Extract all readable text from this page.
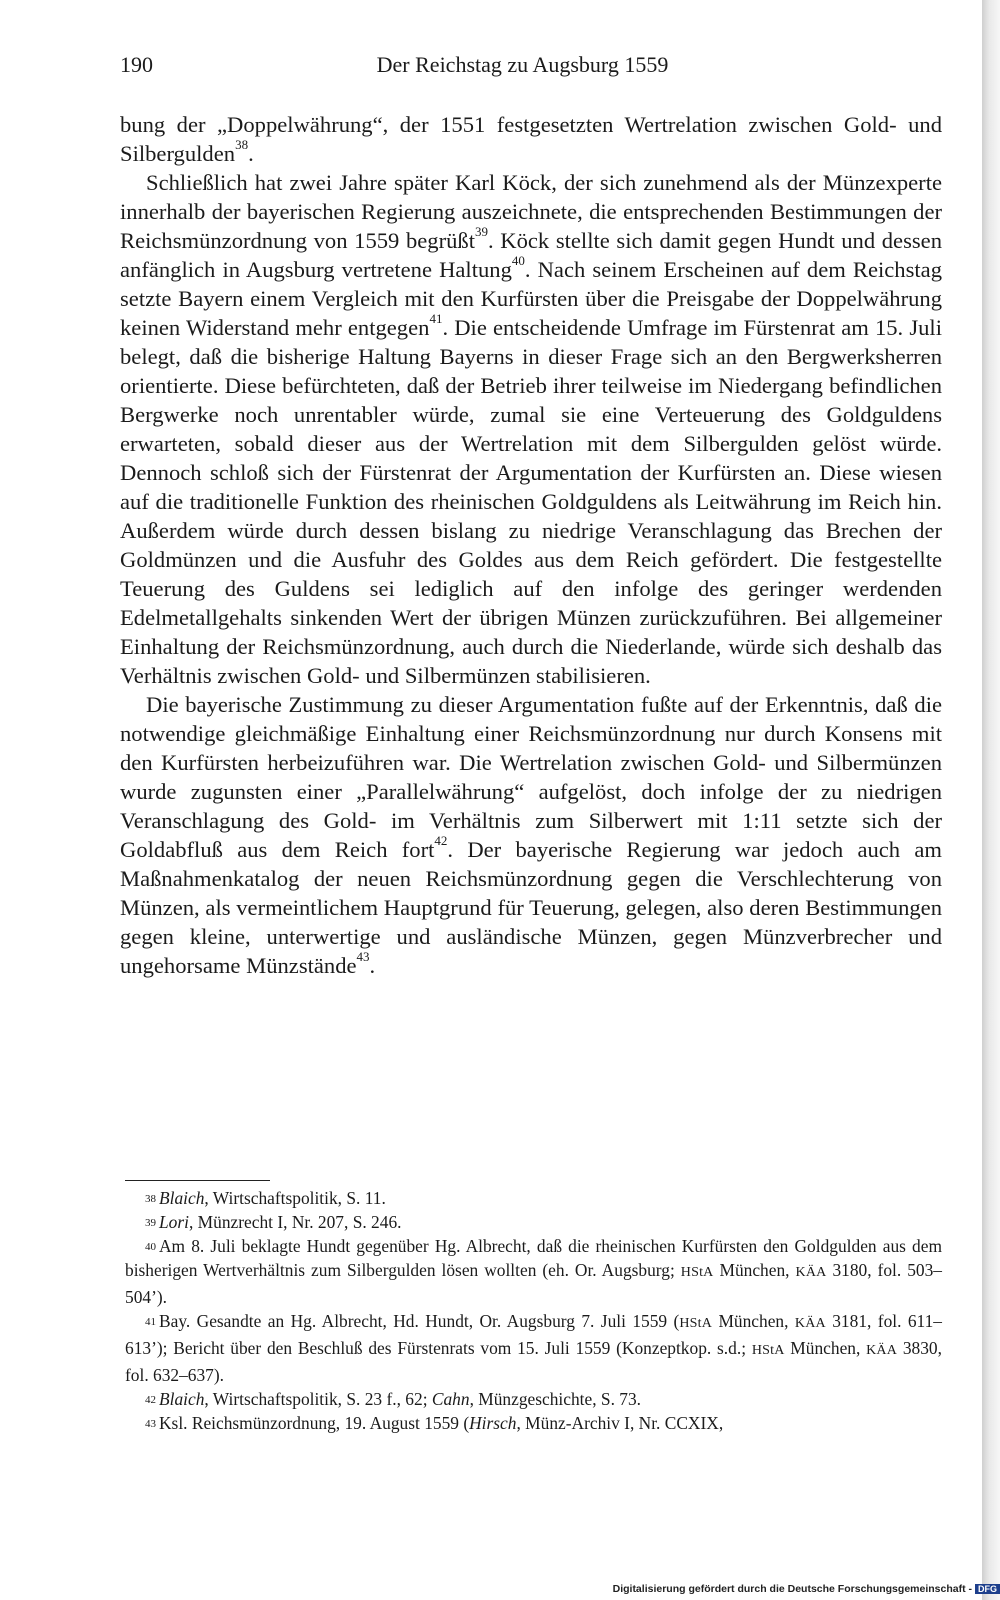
190	Der Reichstag zu Augsburg 1559

bung der „Doppelwährung“, der 1551 festgesetzten Wertrelation zwischen Gold- und Silbergulden$^{38}$.

Schließlich hat zwei Jahre später Karl Köck, der sich zunehmend als der Münzexperte innerhalb der bayerischen Regierung auszeichnete, die entsprechenden Bestimmungen der Reichsmünzordnung von 1559 begrüßt$^{39}$. Köck stellte sich damit gegen Hundt und dessen anfänglich in Augsburg vertretene Haltung$^{40}$. Nach seinem Erscheinen auf dem Reichstag setzte Bayern einem Vergleich mit den Kurfürsten über die Preisgabe der Doppelwährung keinen Widerstand mehr entgegen$^{41}$. Die entscheidende Umfrage im Fürstenrat am 15. Juli belegt, daß die bisherige Haltung Bayerns in dieser Frage sich an den Bergwerksherren orientierte. Diese befürchteten, daß der Betrieb ihrer teilweise im Niedergang befindlichen Bergwerke noch unrentabler würde, zumal sie eine Verteuerung des Goldguldens erwarteten, sobald dieser aus der Wertrelation mit dem Silbergulden gelöst würde. Dennoch schloß sich der Fürstenrat der Argumentation der Kurfürsten an. Diese wiesen auf die traditionelle Funktion des rheinischen Goldguldens als Leitwährung im Reich hin. Außerdem würde durch dessen bislang zu niedrige Veranschlagung das Brechen der Goldmünzen und die Ausfuhr des Goldes aus dem Reich gefördert. Die festgestellte Teuerung des Guldens sei lediglich auf den infolge des geringer werdenden Edelmetallgehalts sinkenden Wert der übrigen Münzen zurückzuführen. Bei allgemeiner Einhaltung der Reichsmünzordnung, auch durch die Niederlande, würde sich deshalb das Verhältnis zwischen Gold- und Silbermünzen stabilisieren.

Die bayerische Zustimmung zu dieser Argumentation fußte auf der Erkenntnis, daß die notwendige gleichmäßige Einhaltung einer Reichsmünzordnung nur durch Konsens mit den Kurfürsten herbeizuführen war. Die Wertrelation zwischen Gold- und Silbermünzen wurde zugunsten einer „Parallelwährung“ aufgelöst, doch infolge der zu niedrigen Veranschlagung des Gold- im Verhältnis zum Silberwert mit 1:11 setzte sich der Goldabfluß aus dem Reich fort$^{42}$. Der bayerische Regierung war jedoch auch am Maßnahmenkatalog der neuen Reichsmünzordnung gegen die Verschlechterung von Münzen, als vermeintlichem Hauptgrund für Teuerung, gelegen, also deren Bestimmungen gegen kleine, unterwertige und ausländische Münzen, gegen Münzverbrecher und ungehorsame Münzstände$^{43}$.

$^{38}$ Blaich, Wirtschaftspolitik, S. 11.
$^{39}$ Lori, Münzrecht I, Nr. 207, S. 246.
$^{40}$ Am 8. Juli beklagte Hundt gegenüber Hg. Albrecht, daß die rheinischen Kurfürsten den Goldgulden aus dem bisherigen Wertverhältnis zum Silbergulden lösen wollten (eh. Or. Augsburg; HStA München, KÄA 3180, fol. 503–504’).
$^{41}$ Bay. Gesandte an Hg. Albrecht, Hd. Hundt, Or. Augsburg 7. Juli 1559 (HStA München, KÄA 3181, fol. 611–613’); Bericht über den Beschluß des Fürstenrats vom 15. Juli 1559 (Konzeptkop. s.d.; HStA München, KÄA 3830, fol. 632–637).
$^{42}$ Blaich, Wirtschaftspolitik, S. 23 f., 62; Cahn, Münzgeschichte, S. 73.
$^{43}$ Ksl. Reichsmünzordnung, 19. August 1559 (Hirsch, Münz-Archiv I, Nr. CCXIX,
Digitalisierung gefördert durch die Deutsche Forschungsgemeinschaft - DFG
